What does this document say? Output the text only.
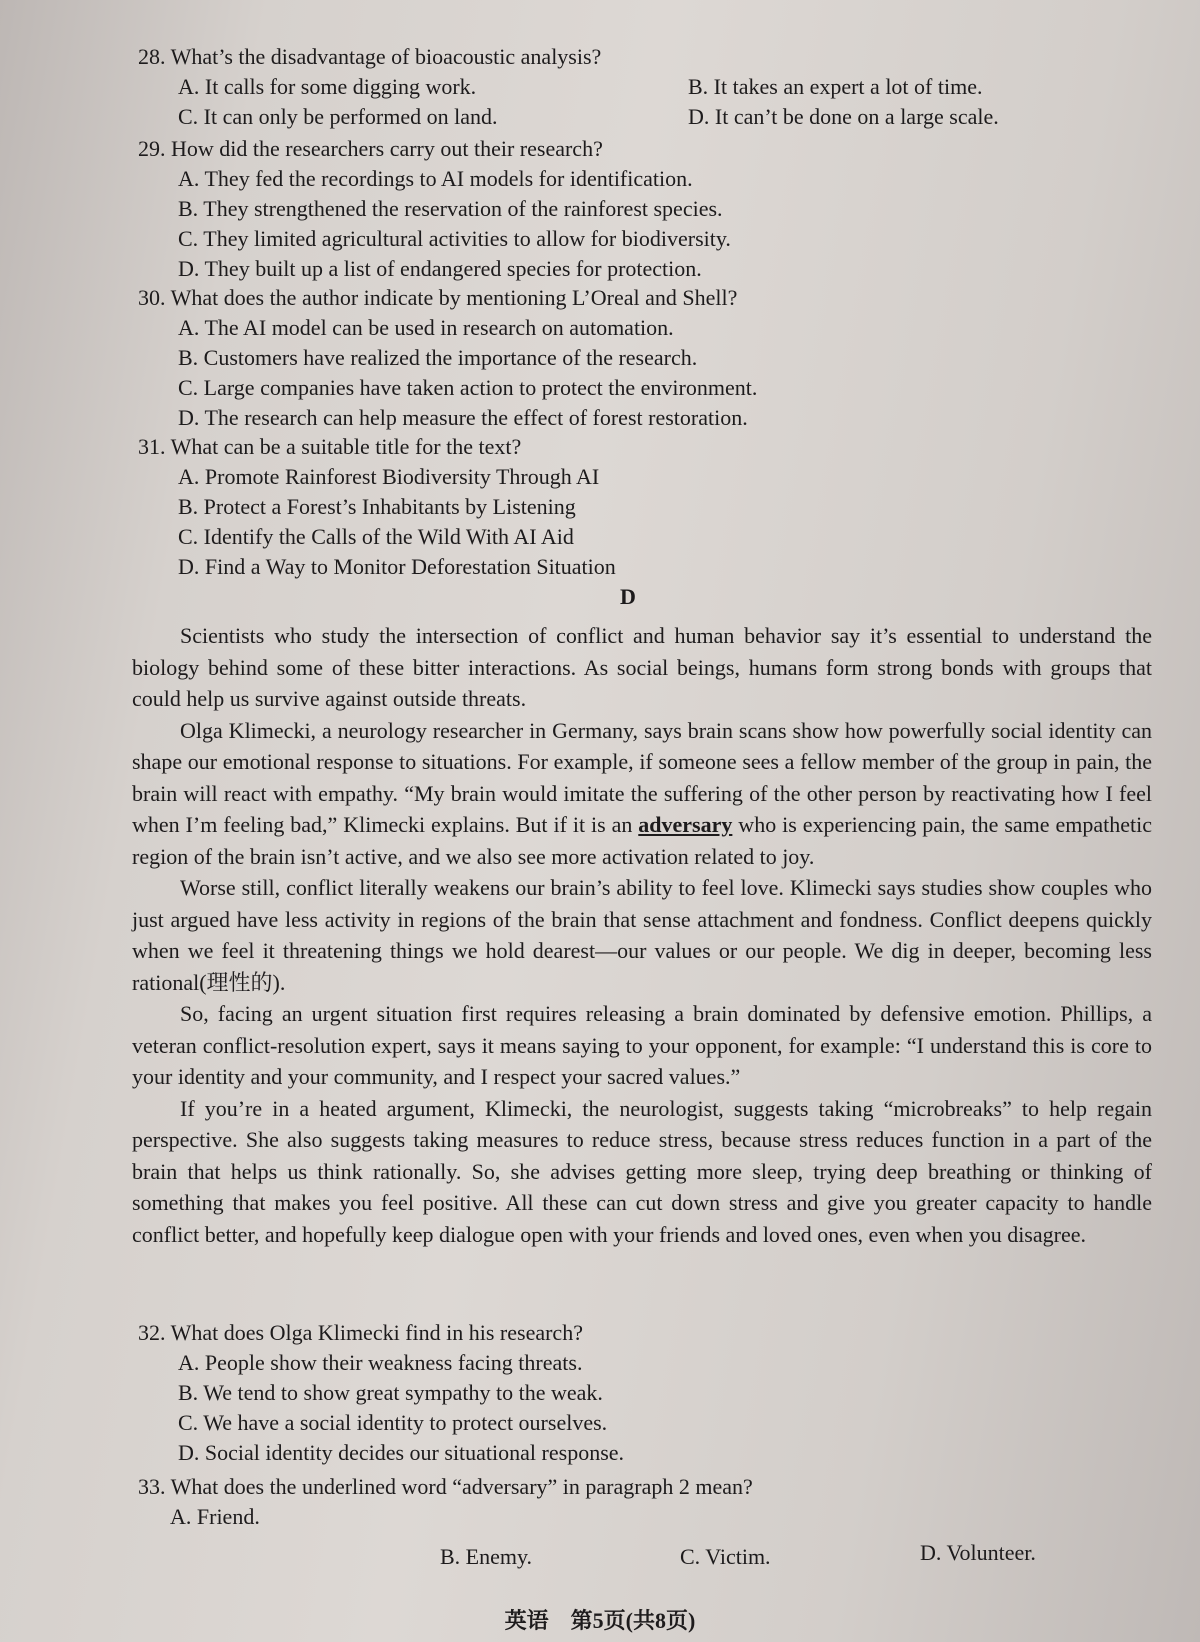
28. What’s the disadvantage of bioacoustic analysis?
A. It calls for some digging work.	B. It takes an expert a lot of time.
C. It can only be performed on land.	D. It can’t be done on a large scale.
29. How did the researchers carry out their research?
A. They fed the recordings to AI models for identification.
B. They strengthened the reservation of the rainforest species.
C. They limited agricultural activities to allow for biodiversity.
D. They built up a list of endangered species for protection.
30. What does the author indicate by mentioning L’Oreal and Shell?
A. The AI model can be used in research on automation.
B. Customers have realized the importance of the research.
C. Large companies have taken action to protect the environment.
D. The research can help measure the effect of forest restoration.
31. What can be a suitable title for the text?
A. Promote Rainforest Biodiversity Through AI
B. Protect a Forest’s Inhabitants by Listening
C. Identify the Calls of the Wild With AI Aid
D. Find a Way to Monitor Deforestation Situation
D

Scientists who study the intersection of conflict and human behavior say it’s essential to understand the biology behind some of these bitter interactions. As social beings, humans form strong bonds with groups that could help us survive against outside threats.

Olga Klimecki, a neurology researcher in Germany, says brain scans show how powerfully social identity can shape our emotional response to situations. For example, if someone sees a fellow member of the group in pain, the brain will react with empathy. “My brain would imitate the suffering of the other person by reactivating how I feel when I’m feeling bad,” Klimecki explains. But if it is an adversary who is experiencing pain, the same empathetic region of the brain isn’t active, and we also see more activation related to joy.

Worse still, conflict literally weakens our brain’s ability to feel love. Klimecki says studies show couples who just argued have less activity in regions of the brain that sense attachment and fondness. Conflict deepens quickly when we feel it threatening things we hold dearest—our values or our people. We dig in deeper, becoming less rational(理性的).

So, facing an urgent situation first requires releasing a brain dominated by defensive emotion. Phillips, a veteran conflict-resolution expert, says it means saying to your opponent, for example: “I understand this is core to your identity and your community, and I respect your sacred values.”

If you’re in a heated argument, Klimecki, the neurologist, suggests taking “microbreaks” to help regain perspective. She also suggests taking measures to reduce stress, because stress reduces function in a part of the brain that helps us think rationally. So, she advises getting more sleep, trying deep breathing or thinking of something that makes you feel positive. All these can cut down stress and give you greater capacity to handle conflict better, and hopefully keep dialogue open with your friends and loved ones, even when you disagree.

32. What does Olga Klimecki find in his research?
A. People show their weakness facing threats.
B. We tend to show great sympathy to the weak.
C. We have a social identity to protect ourselves.
D. Social identity decides our situational response.
33. What does the underlined word “adversary” in paragraph 2 mean?
A. Friend.
B. Enemy.	C. Victim.	D. Volunteer.
英语　第5页(共8页)
